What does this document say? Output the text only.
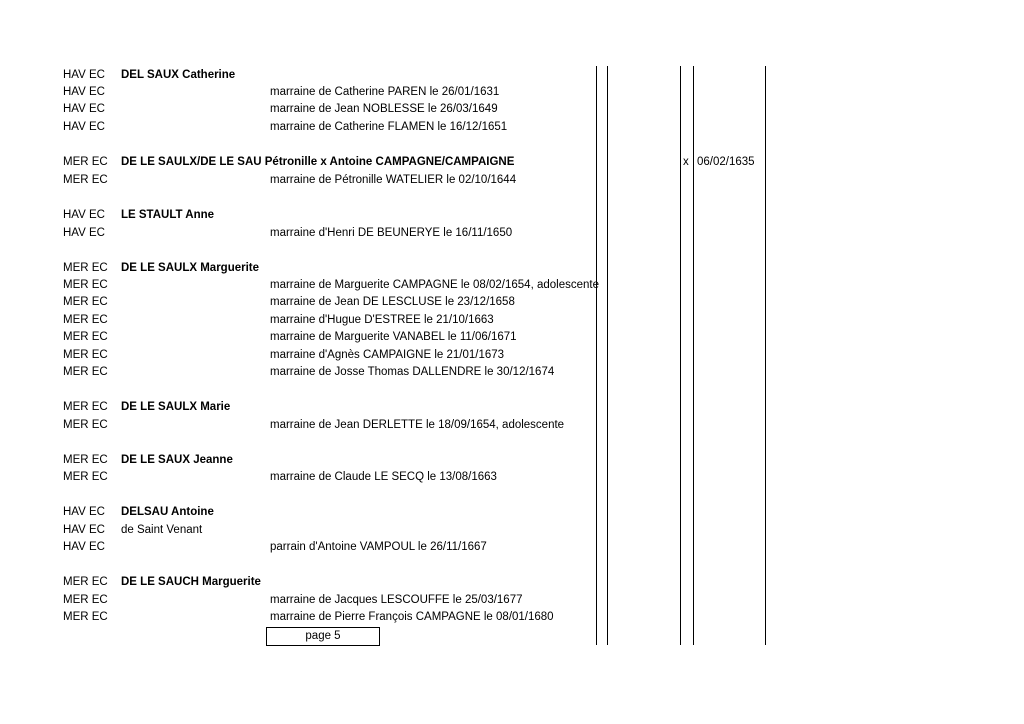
HAV EC DEL SAUX Catherine
HAV EC	marraine de Catherine PAREN le 26/01/1631
HAV EC	marraine de Jean NOBLESSE le 26/03/1649
HAV EC	marraine de Catherine FLAMEN le 16/12/1651
MER EC DE LE SAULX/DE LE SAU Pétronille x Antoine CAMPAGNE/CAMPAIGNE	x 06/02/1635
MER EC	marraine de Pétronille WATELIER le 02/10/1644
HAV EC LE STAULT Anne
HAV EC	marraine d'Henri DE BEUNERYE le 16/11/1650
MER EC DE LE SAULX Marguerite
MER EC	marraine de Marguerite CAMPAGNE le 08/02/1654, adolescente
MER EC	marraine de Jean DE LESCLUSE le 23/12/1658
MER EC	marraine d'Hugue D'ESTREE le 21/10/1663
MER EC	marraine de Marguerite VANABEL le 11/06/1671
MER EC	marraine d'Agnès CAMPAIGNE le 21/01/1673
MER EC	marraine de Josse Thomas DALLENDRE le 30/12/1674
MER EC DE LE SAULX Marie
MER EC	marraine de Jean DERLETTE le 18/09/1654, adolescente
MER EC DE LE SAUX Jeanne
MER EC	marraine de Claude LE SECQ le 13/08/1663
HAV EC DELSAU Antoine
HAV EC de Saint Venant
HAV EC	parrain d'Antoine VAMPOUL le 26/11/1667
MER EC DE LE SAUCH Marguerite
MER EC	marraine de Jacques LESCOUFFE le 25/03/1677
MER EC	marraine de Pierre François CAMPAGNE le 08/01/1680
page 5
